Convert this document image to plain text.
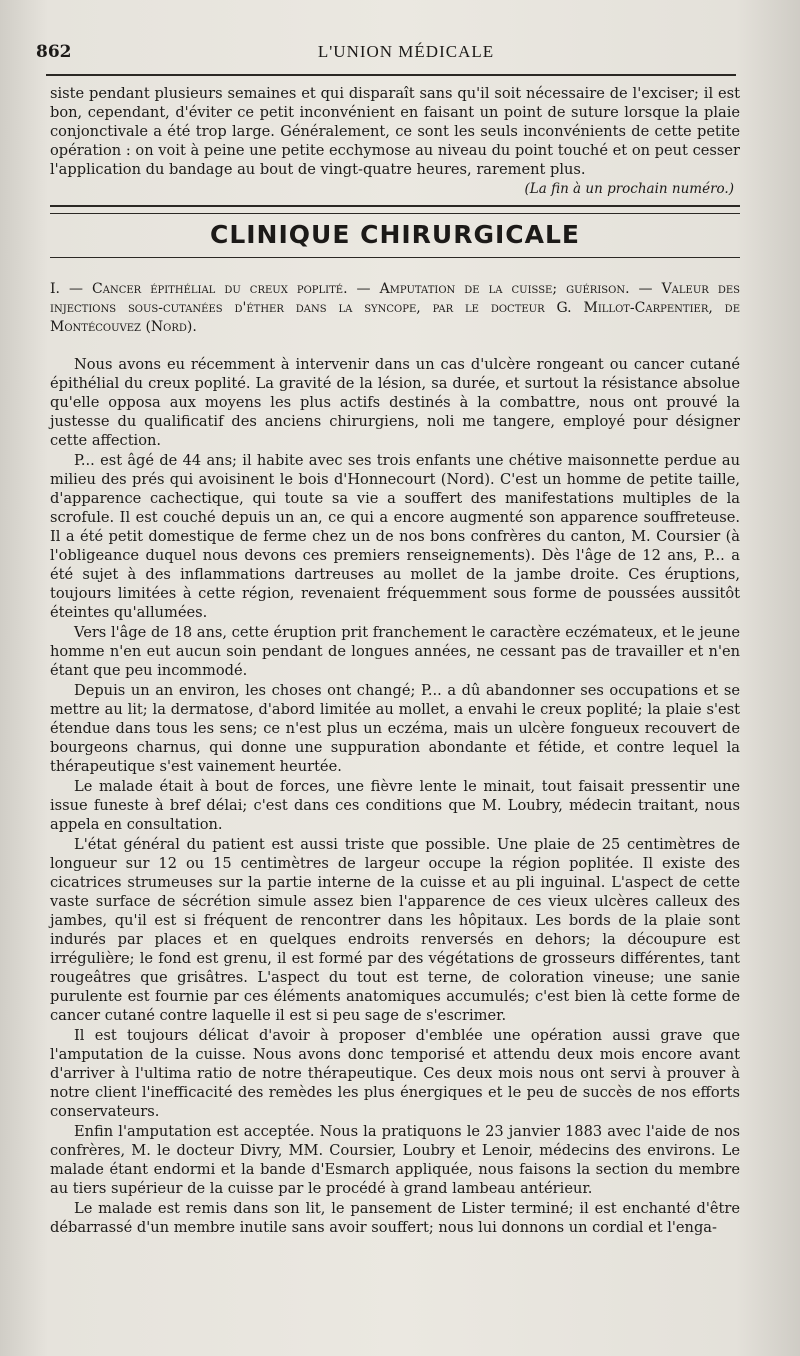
862	L'UNION MÉDICALE

siste pendant plusieurs semaines et qui disparaît sans qu'il soit nécessaire de l'exciser; il est bon, cependant, d'éviter ce petit inconvénient en faisant un point de suture lorsque la plaie conjonctivale a été trop large. Généralement, ce sont les seuls inconvénients de cette petite opération : on voit à peine une petite ecchymose au niveau du point touché et on peut cesser l'application du bandage au bout de vingt-quatre heures, rarement plus.

(La fin à un prochain numéro.)
CLINIQUE CHIRURGICALE

I. — Cancer épithélial du creux poplité. — Amputation de la cuisse; guérison. — Valeur des injections sous-cutanées d'éther dans la syncope, par le docteur G. Millot-Carpentier, de Montécouvez (Nord).

Nous avons eu récemment à intervenir dans un cas d'ulcère rongeant ou cancer cutané épithélial du creux poplité. La gravité de la lésion, sa durée, et surtout la résistance absolue qu'elle opposa aux moyens les plus actifs destinés à la combattre, nous ont prouvé la justesse du qualificatif des anciens chirurgiens, noli me tangere, employé pour désigner cette affection.

P... est âgé de 44 ans; il habite avec ses trois enfants une chétive maisonnette perdue au milieu des prés qui avoisinent le bois d'Honnecourt (Nord). C'est un homme de petite taille, d'apparence cachectique, qui toute sa vie a souffert des manifestations multiples de la scrofule. Il est couché depuis un an, ce qui a encore augmenté son apparence souffreteuse. Il a été petit domestique de ferme chez un de nos bons confrères du canton, M. Coursier (à l'obligeance duquel nous devons ces premiers renseignements). Dès l'âge de 12 ans, P... a été sujet à des inflammations dartreuses au mollet de la jambe droite. Ces éruptions, toujours limitées à cette région, revenaient fréquemment sous forme de poussées aussitôt éteintes qu'allumées.

Vers l'âge de 18 ans, cette éruption prit franchement le caractère eczémateux, et le jeune homme n'en eut aucun soin pendant de longues années, ne cessant pas de travailler et n'en étant que peu incommodé.

Depuis un an environ, les choses ont changé; P... a dû abandonner ses occupations et se mettre au lit; la dermatose, d'abord limitée au mollet, a envahi le creux poplité; la plaie s'est étendue dans tous les sens; ce n'est plus un eczéma, mais un ulcère fongueux recouvert de bourgeons charnus, qui donne une suppuration abondante et fétide, et contre lequel la thérapeutique s'est vainement heurtée.

Le malade était à bout de forces, une fièvre lente le minait, tout faisait pressentir une issue funeste à bref délai; c'est dans ces conditions que M. Loubry, médecin traitant, nous appela en consultation.

L'état général du patient est aussi triste que possible. Une plaie de 25 centimètres de longueur sur 12 ou 15 centimètres de largeur occupe la région poplitée. Il existe des cicatrices strumeuses sur la partie interne de la cuisse et au pli inguinal. L'aspect de cette vaste surface de sécrétion simule assez bien l'apparence de ces vieux ulcères calleux des jambes, qu'il est si fréquent de rencontrer dans les hôpitaux. Les bords de la plaie sont indurés par places et en quelques endroits renversés en dehors; la découpure est irrégulière; le fond est grenu, il est formé par des végétations de grosseurs différentes, tant rougeâtres que grisâtres. L'aspect du tout est terne, de coloration vineuse; une sanie purulente est fournie par ces éléments anatomiques accumulés; c'est bien là cette forme de cancer cutané contre laquelle il est si peu sage de s'escrimer.

Il est toujours délicat d'avoir à proposer d'emblée une opération aussi grave que l'amputation de la cuisse. Nous avons donc temporisé et attendu deux mois encore avant d'arriver à l'ultima ratio de notre thérapeutique. Ces deux mois nous ont servi à prouver à notre client l'inefficacité des remèdes les plus énergiques et le peu de succès de nos efforts conservateurs.

Enfin l'amputation est acceptée. Nous la pratiquons le 23 janvier 1883 avec l'aide de nos confrères, M. le docteur Divry, MM. Coursier, Loubry et Lenoir, médecins des environs. Le malade étant endormi et la bande d'Esmarch appliquée, nous faisons la section du membre au tiers supérieur de la cuisse par le procédé à grand lambeau antérieur.

Le malade est remis dans son lit, le pansement de Lister terminé; il est enchanté d'être débarrassé d'un membre inutile sans avoir souffert; nous lui donnons un cordial et l'enga-
